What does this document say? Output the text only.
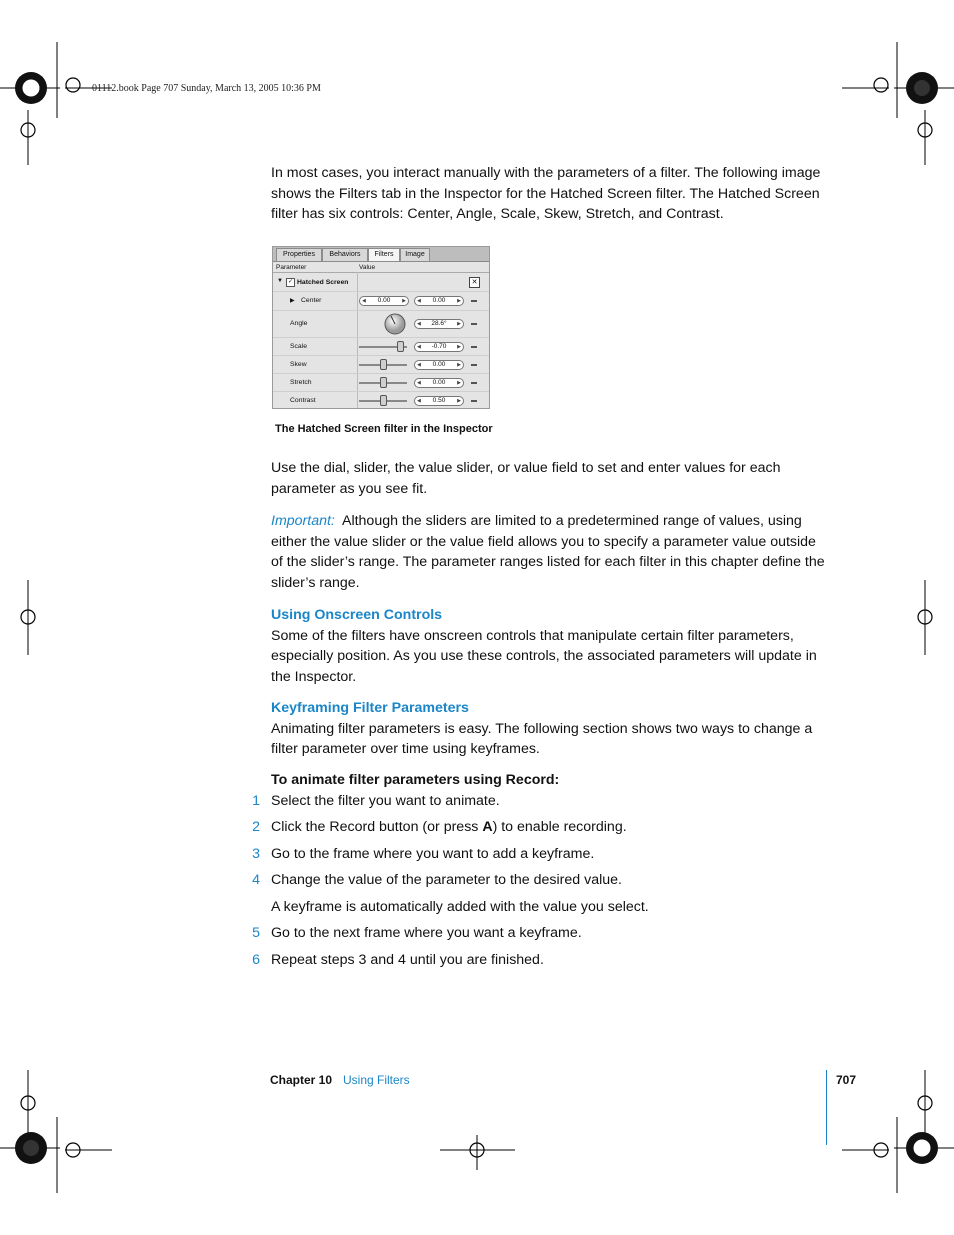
01112.book Page 707 Sunday, March 13, 2005 10:36 PM

In most cases, you interact manually with the parameters of a filter. The following image shows the Filters tab in the Inspector for the Hatched Screen filter. The Hatched Screen filter has six controls: Center, Angle, Scale, Skew, Stretch, and Contrast.

Properties	Behaviors	Filters	Image
Parameter	Value
▼ ✓ Hatched Screen	✕
▶ Center	◀ 0.00 ▶ ◀ 0.00 ▶
Angle	◀ 28.6° ▶
Scale	◀ -0.70 ▶
Skew	◀ 0.00 ▶
Stretch	◀ 0.00 ▶
Contrast	◀ 0.50 ▶
The Hatched Screen filter in the Inspector

Use the dial, slider, the value slider, or value field to set and enter values for each parameter as you see fit.

Important: Although the sliders are limited to a predetermined range of values, using either the value slider or the value field allows you to specify a parameter value outside of the slider’s range. The parameter ranges listed for each filter in this chapter define the slider’s range.

Using Onscreen Controls

Some of the filters have onscreen controls that manipulate certain filter parameters, especially position. As you use these controls, the associated parameters will update in the Inspector.

Keyframing Filter Parameters

Animating filter parameters is easy. The following section shows two ways to change a filter parameter over time using keyframes.

To animate filter parameters using Record:
1 Select the filter you want to animate.
2 Click the Record button (or press A) to enable recording.
3 Go to the frame where you want to add a keyframe.
4 Change the value of the parameter to the desired value.
A keyframe is automatically added with the value you select.
5 Go to the next frame where you want a keyframe.
6 Repeat steps 3 and 4 until you are finished.
Chapter 10 Using Filters	707
